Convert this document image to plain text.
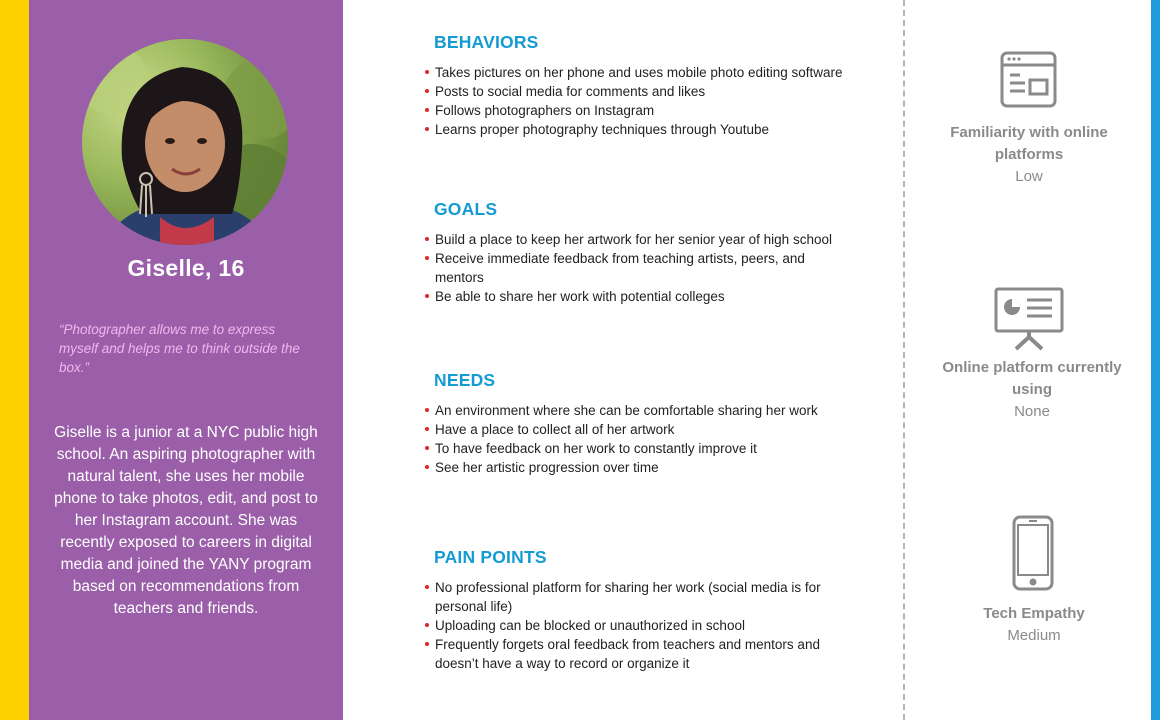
Giselle, 16
“Photographer allows me to express myself and helps me to think outside the box.”
Giselle is a junior at a NYC public high school. An aspiring photographer with natural talent, she uses her mobile phone to take photos, edit, and post to her Instagram account. She was recently exposed to careers in digital media and joined the YANY program based on recommendations from teachers and friends.
BEHAVIORS
Takes pictures on her phone and uses mobile photo editing software
Posts to social media for comments and likes
Follows photographers on Instagram
Learns proper photography techniques through Youtube
GOALS
Build a place to keep her artwork for her senior year of high school
Receive immediate feedback from teaching artists, peers, and mentors
Be able to share her work with potential colleges
NEEDS
An environment where she can be comfortable sharing her work
Have a place to collect all of her artwork
To have feedback on her work to constantly improve it
See her artistic progression over time
PAIN POINTS
No professional platform for sharing her work (social media is for personal life)
Uploading can be blocked or unauthorized in school
Frequently forgets oral feedback from teachers and mentors and doesn’t have a way to record or organize it
Familiarity with online platforms
Low
Online platform currently using
None
Tech Empathy
Medium
